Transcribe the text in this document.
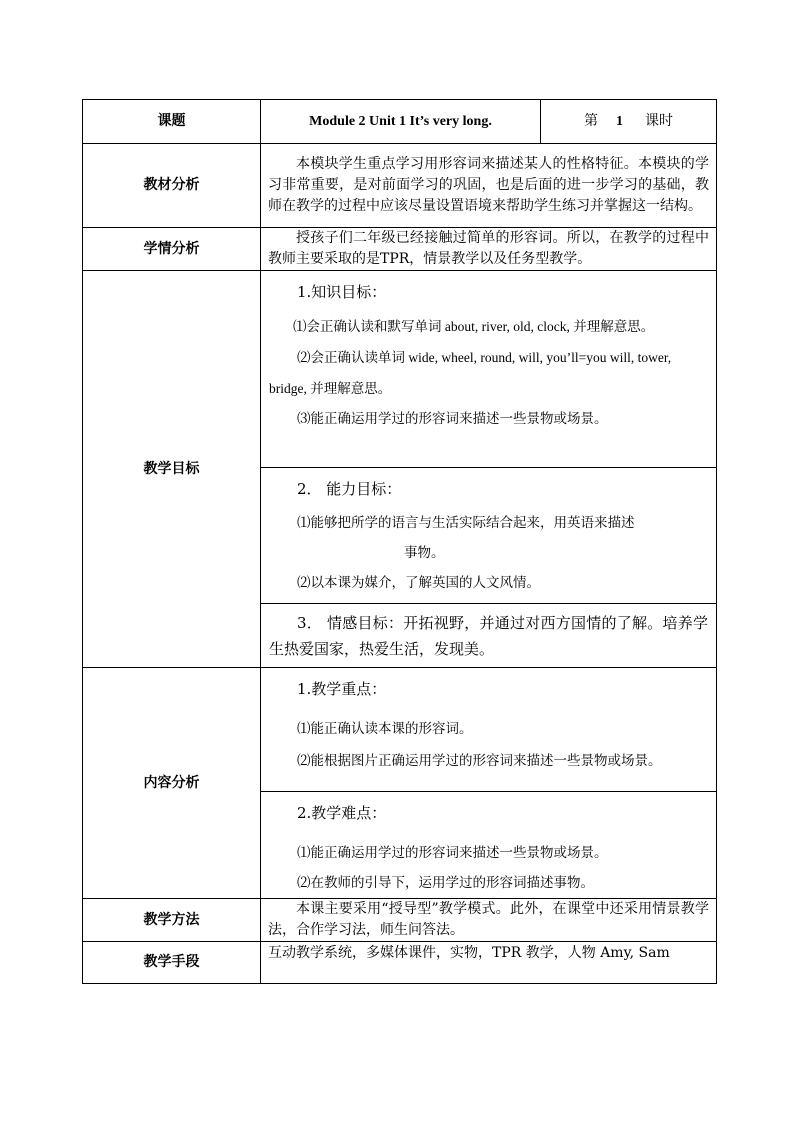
课题	Module 2 Unit 1 It’s very long.	第 1 课时
教材分析	本模块学生重点学习用形容词来描述某人的性格特征。本模块的学习非常重要，是对前面学习的巩固，也是后面的进一步学习的基础，教师在教学的过程中应该尽量设置语境来帮助学生练习并掌握这一结构。	

学情分析	授孩子们二年级已经接触过简单的形容词。所以，在教学的过程中教师主要采取的是TPR，情景教学以及任务型教学。	

教学目标	1.知识目标：

⑴会正确认读和默写单词 about, river, old, clock, 并理解意思。

⑵会正确认读单词 wide, wheel, round, will, you’ll=you will, tower, bridge, 并理解意思。

⑶能正确运用学过的形容词来描述一些景物或场景。	

	2． 能力目标：

⑴能够把所学的语言与生活实际结合起来，用英语来描述

事物。

⑵以本课为媒介，了解英国的人文风情。	

	3． 情感目标：开拓视野，并通过对西方国情的了解。培养学生热爱国家，热爱生活，发现美。	

内容分析	1.教学重点：

⑴能正确认读本课的形容词。

⑵能根据图片正确运用学过的形容词来描述一些景物或场景。	

	2.教学难点：

⑴能正确运用学过的形容词来描述一些景物或场景。

⑵在教师的引导下，运用学过的形容词描述事物。	

教学方法	本课主要采用“授导型”教学模式。此外，在课堂中还采用情景教学法，合作学习法，师生问答法。	

教学手段	互动教学系统，多媒体课件，实物，TPR 教学，人物 Amy, Sam	
